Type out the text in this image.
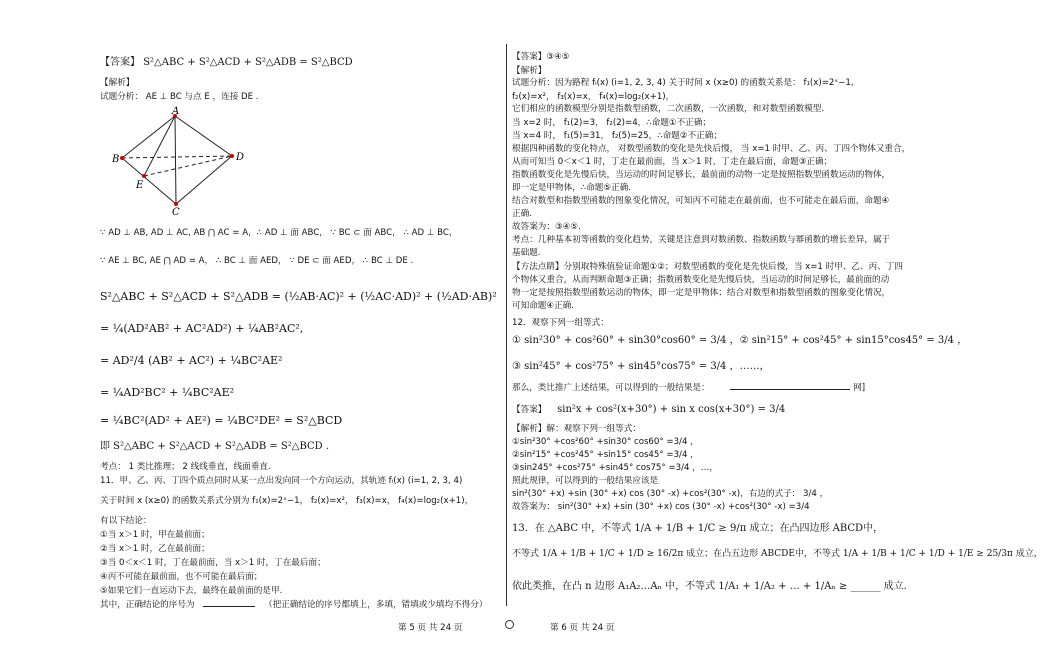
【答案】 S²△ABC + S²△ACD + S²△ADB = S²△BCD
【解析】
试题分析： AE ⊥ BC 与点 E ，连接 DE .
A
B
C
D
E
∵ AD ⊥ AB, AD ⊥ AC, AB ⋂ AC = A，∴ AD ⊥ 面 ABC， ∵ BC ⊂ 面 ABC， ∴ AD ⊥ BC，
∵ AE ⊥ BC, AE ⋂ AD = A， ∴ BC ⊥ 面 AED， ∵ DE ⊂ 面 AED， ∴ BC ⊥ DE .
S²△ABC + S²△ACD + S²△ADB = (½AB·AC)² + (½AC·AD)² + (½AD·AB)²
= ¼(AD²AB² + AC²AD²) + ¼AB²AC²,
= AD²/4 (AB² + AC²) + ¼BC²AE²
= ¼AD²BC² + ¼BC²AE²
= ¼BC²(AD² + AE²) = ¼BC²DE² = S²△BCD
即 S²△ABC + S²△ACD + S²△ADB = S²△BCD .
考点： 1 类比推理； 2 线线垂直，线面垂直.
11．甲、乙、丙、丁四个质点同时从某一点出发向同一个方向运动，其轨迹 fᵢ(x) (i=1, 2, 3, 4)
关于时间 x (x≥0) 的函数关系式分别为 f₁(x)=2ˣ−1， f₂(x)=x²， f₃(x)=x， f₄(x)=log₂(x+1)，
有以下结论：
①当 x＞1 时，甲在最前面；
②当 x＞1 时，乙在最前面；
③当 0＜x＜1 时，丁在最前面，当 x＞1 时，丁在最后面；
④丙不可能在最前面，也不可能在最后面；
⑤如果它们一直运动下去，最终在最前面的是甲.
其中，正确结论的序号为	（把正确结论的序号都填上，多填，错填或少填均不得分）
【答案】③④⑤
【解析】
试题分析：因为路程 fᵢ(x) (i=1, 2, 3, 4) 关于时间 x (x≥0) 的函数关系是： f₁(x)=2ˣ−1,
f₂(x)=x²， f₃(x)=x， f₄(x)=log₂(x+1)，
它们相应的函数模型分别是指数型函数，二次函数，一次函数，和对数型函数模型.
当 x=2 时， f₁(2)=3， f₂(2)=4，∴命题①不正确；
当 x=4 时， f₁(5)=31， f₂(5)=25，∴命题②不正确；
根据四种函数的变化特点， 对数型函数的变化是先快后慢， 当 x=1 时甲、乙、丙、丁四个物体又重合，
从而可知当 0＜x＜1 时，丁走在最前面，当 x＞1 时，丁走在最后面，命题③正确；
指数函数变化是先慢后快，当运动的时间足够长，最前面的动物一定是按照指数型函数运动的物体，
即一定是甲物体，∴命题⑤正确.
结合对数型和指数型函数的图象变化情况，可知丙不可能走在最前面，也不可能走在最后面，命题④
正确.
故答案为：③④⑤.
考点：几种基本初等函数的变化趋势，关键是注意到对数函数、指数函数与幂函数的增长差异，属于
基础题.
【方法点睛】分别取特殊值验证命题①②；对数型函数的变化是先快后慢，当 x=1 时甲、乙、丙、丁四
个物体又重合，从而判断命题③正确；指数函数变化是先慢后快，当运动的时间足够长，最前面的动
物一定是按照指数型函数运动的物体，即一定是甲物体；结合对数型和指数型函数的图象变化情况，
可知命题④正确.
12．观察下列一组等式：
① sin²30° + cos²60° + sin30°cos60° = 3/4 ，② sin²15° + cos²45° + sin15°cos45° = 3/4 ，
③ sin²45° + cos²75° + sin45°cos75° = 3/4 ，……，
那么，类比推广上述结果，可以得到的一般结果是：	网]
【答案】 sin²x + cos²(x+30°) + sin x cos(x+30°) = 3/4
【解析】解：观察下列一组等式：
①sin²30° +cos²60° +sin30° cos60° =3/4 ，
②sin²15° +cos²45° +sin15° cos45° =3/4 ，
③sin245° +cos²75° +sin45° cos75° =3/4 ，…，
照此规律，可以得到的一般结果应该是
sin²(30° +x) +sin (30° +x) cos (30° -x) +cos²(30° -x)，右边的式子： 3/4 ，
故答案为： sin²(30° +x) +sin (30° +x) cos (30° -x) +cos²(30° -x) =3/4
13．在 △ABC 中，不等式 1/A + 1/B + 1/C ≥ 9/π 成立；在凸四边形 ABCD中，
不等式 1/A + 1/B + 1/C + 1/D ≥ 16/2π 成立；在凸五边形 ABCDE中，不等式 1/A + 1/B + 1/C + 1/D + 1/E ≥ 25/3π 成立，
依此类推，在凸 n 边形 A₁A₂…Aₙ 中，不等式 1/A₁ + 1/A₂ + … + 1/Aₙ ≥ ______ 成立.
第 5 页 共 24 页	第 6 页 共 24 页
